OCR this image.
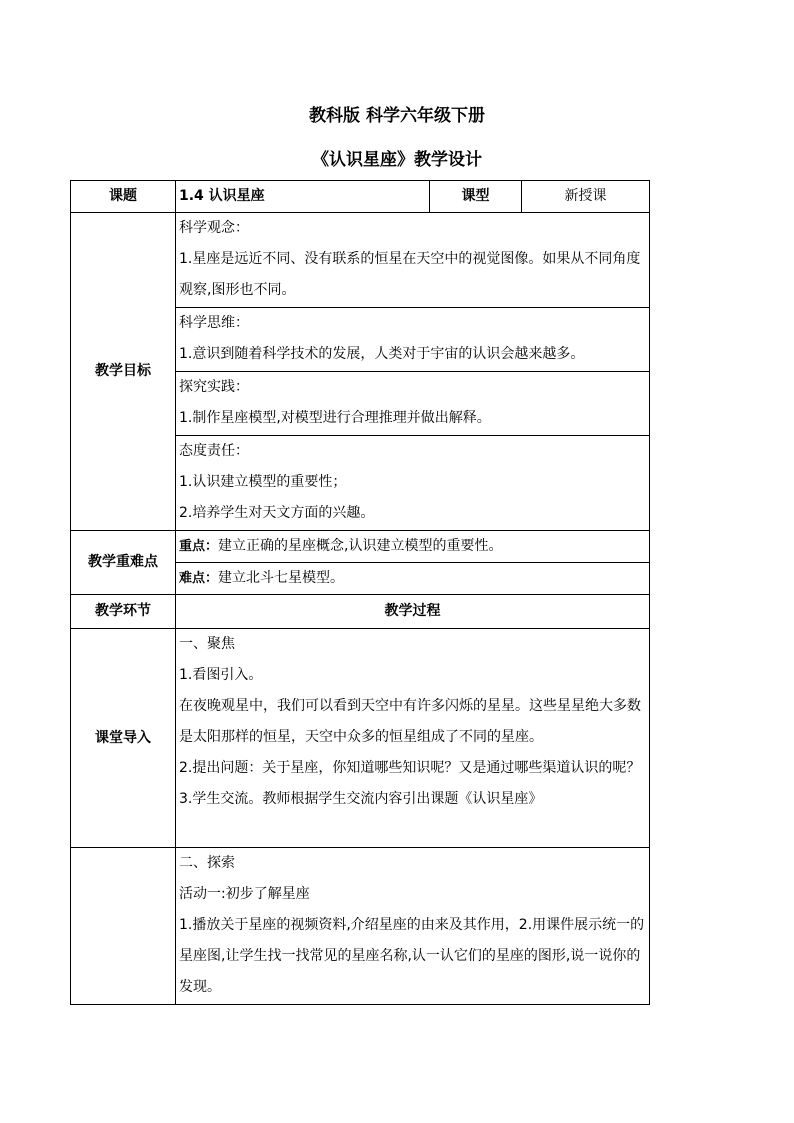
教科版 科学六年级下册
《认识星座》教学设计
课题	1.4 认识星座	课型	新授课
教学目标	科学观念：
1.星座是远近不同、没有联系的恒星在天空中的视觉图像。如果从不同角度观察,图形也不同。		

	科学思维：
1.意识到随着科学技术的发展，人类对于宇宙的认识会越来越多。		

	探究实践：
1.制作星座模型,对模型进行合理推理并做出解释。		

	态度责任：
1.认识建立模型的重要性；
2.培养学生对天文方面的兴趣。		

教学重难点	重点：建立正确的星座概念,认识建立模型的重要性。		
	难点：建立北斗七星模型。		
教学环节	教学过程		
课堂导入	一、聚焦
1.看图引入。
在夜晚观星中，我们可以看到天空中有许多闪烁的星星。这些星星绝大多数是太阳那样的恒星，天空中众多的恒星组成了不同的星座。
2.提出问题：关于星座，你知道哪些知识呢？又是通过哪些渠道认识的呢？
3.学生交流。教师根据学生交流内容引出课题《认识星座》		

	二、探索
活动一:初步了解星座
1.播放关于星座的视频资料,介绍星座的由来及其作用，2.用课件展示统一的星座图,让学生找一找常见的星座名称,认一认它们的星座的图形,说一说你的发现。		
